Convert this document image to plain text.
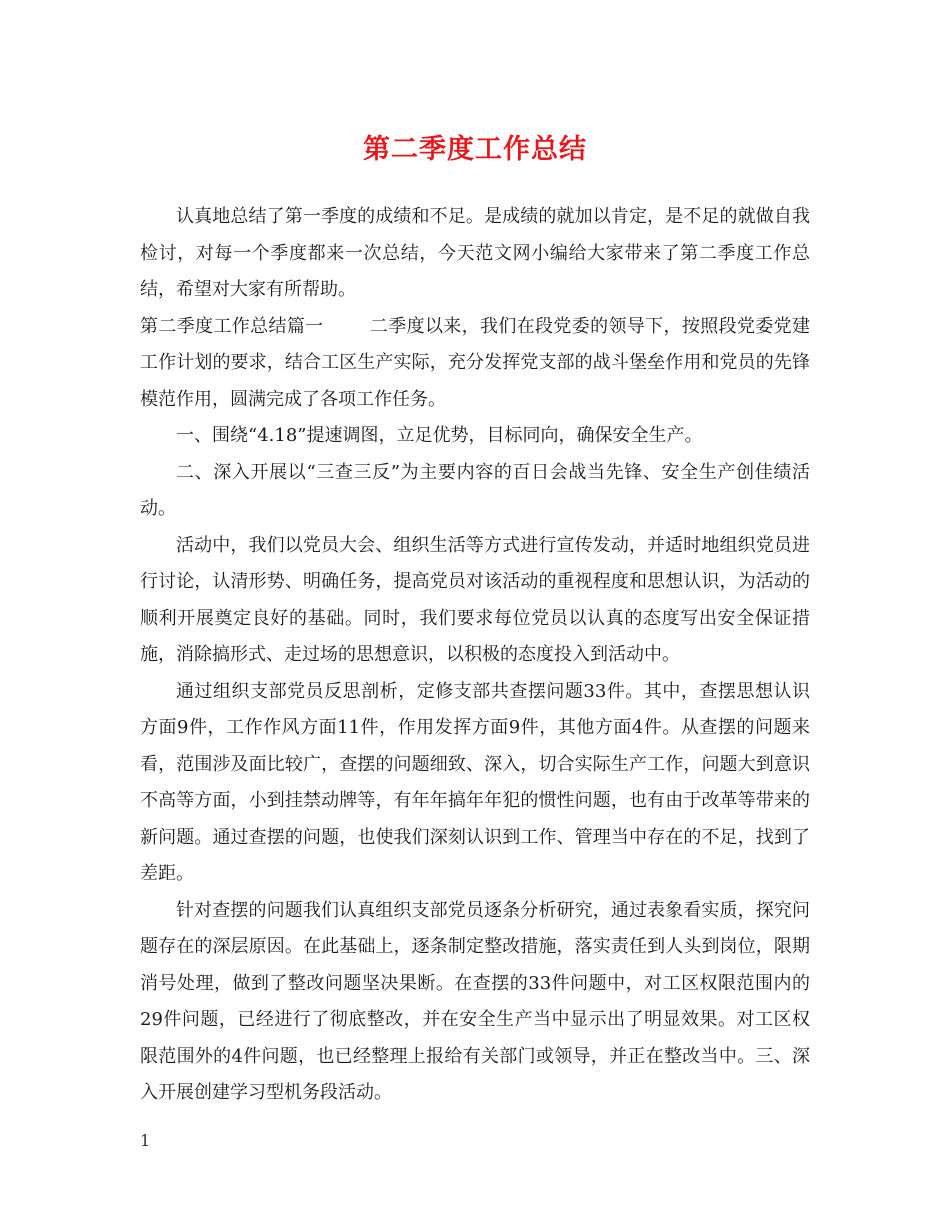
第二季度工作总结

认真地总结了第一季度的成绩和不足。是成绩的就加以肯定，是不足的就做自我检讨，对每一个季度都来一次总结，今天范文网小编给大家带来了第二季度工作总结，希望对大家有所帮助。

第二季度工作总结篇一	二季度以来，我们在段党委的领导下，按照段党委党建工作计划的要求，结合工区生产实际，充分发挥党支部的战斗堡垒作用和党员的先锋模范作用，圆满完成了各项工作任务。

一、围绕“4.18”提速调图，立足优势，目标同向，确保安全生产。

二、深入开展以“三查三反”为主要内容的百日会战当先锋、安全生产创佳绩活动。

活动中，我们以党员大会、组织生活等方式进行宣传发动，并适时地组织党员进行讨论，认清形势、明确任务，提高党员对该活动的重视程度和思想认识，为活动的顺利开展奠定良好的基础。同时，我们要求每位党员以认真的态度写出安全保证措施，消除搞形式、走过场的思想意识，以积极的态度投入到活动中。

通过组织支部党员反思剖析，定修支部共查摆问题33件。其中，查摆思想认识方面9件，工作作风方面11件，作用发挥方面9件，其他方面4件。从查摆的问题来看，范围涉及面比较广，查摆的问题细致、深入，切合实际生产工作，问题大到意识不高等方面，小到挂禁动牌等，有年年搞年年犯的惯性问题，也有由于改革等带来的新问题。通过查摆的问题，也使我们深刻认识到工作、管理当中存在的不足，找到了差距。

针对查摆的问题我们认真组织支部党员逐条分析研究，通过表象看实质，探究问题存在的深层原因。在此基础上，逐条制定整改措施，落实责任到人头到岗位，限期消号处理，做到了整改问题坚决果断。在查摆的33件问题中，对工区权限范围内的29件问题，已经进行了彻底整改，并在安全生产当中显示出了明显效果。对工区权限范围外的4件问题，也已经整理上报给有关部门或领导，并正在整改当中。三、深入开展创建学习型机务段活动。

1
